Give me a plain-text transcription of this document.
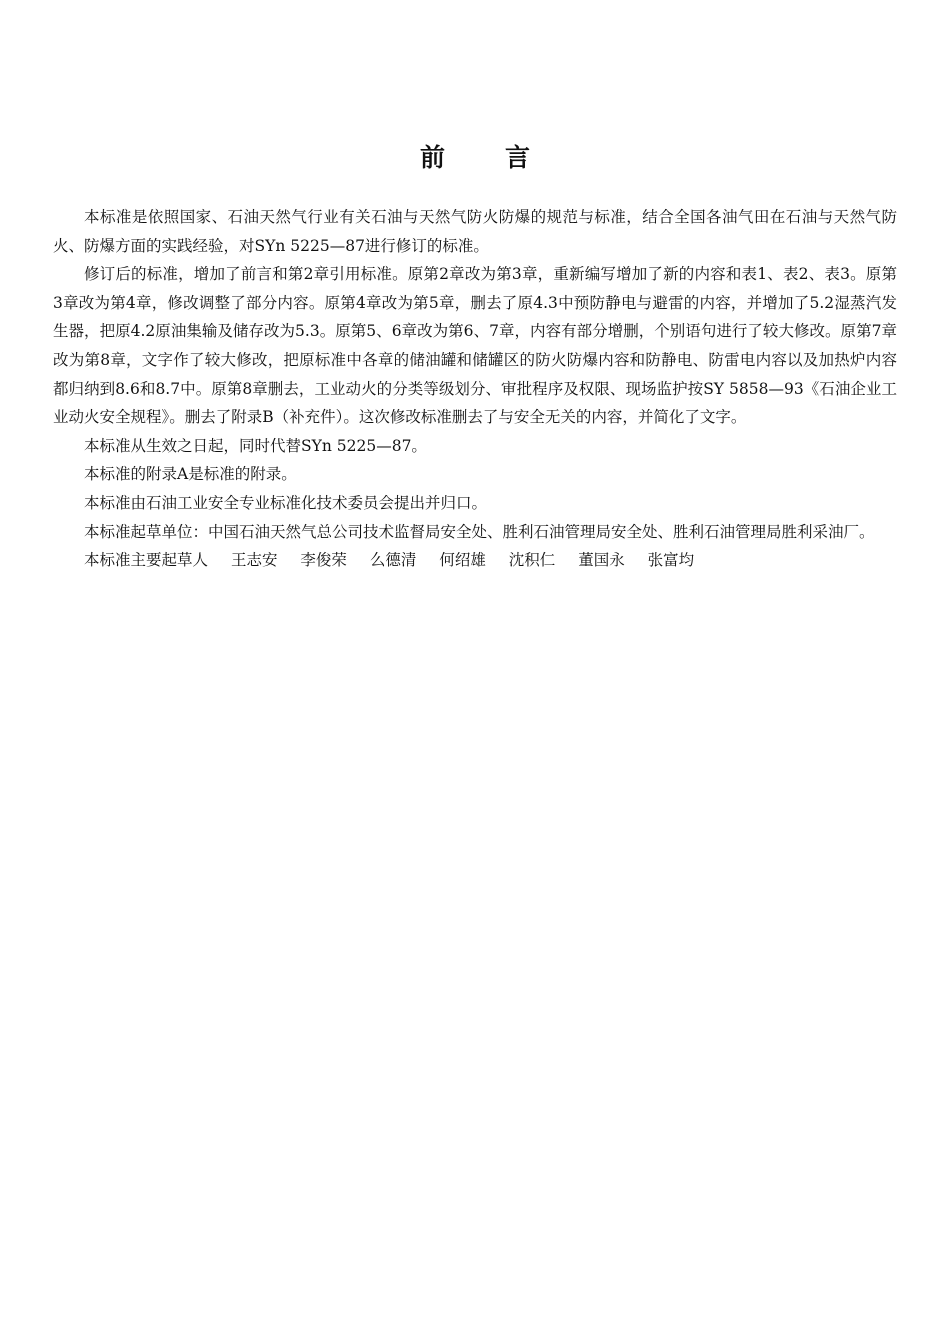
前言

本标准是依照国家、石油天然气行业有关石油与天然气防火防爆的规范与标准，结合全国各油气田在石油与天然气防火、防爆方面的实践经验，对SYn 5225—87进行修订的标准。

修订后的标准，增加了前言和第2章引用标准。原第2章改为第3章，重新编写增加了新的内容和表1、表2、表3。原第3章改为第4章，修改调整了部分内容。原第4章改为第5章，删去了原4.3中预防静电与避雷的内容，并增加了5.2湿蒸汽发生器，把原4.2原油集输及储存改为5.3。原第5、6章改为第6、7章，内容有部分增删，个别语句进行了较大修改。原第7章改为第8章，文字作了较大修改，把原标准中各章的储油罐和储罐区的防火防爆内容和防静电、防雷电内容以及加热炉内容都归纳到8.6和8.7中。原第8章删去，工业动火的分类等级划分、审批程序及权限、现场监护按SY 5858—93《石油企业工业动火安全规程》。删去了附录B（补充件）。这次修改标准删去了与安全无关的内容，并简化了文字。

本标准从生效之日起，同时代替SYn 5225—87。

本标准的附录A是标准的附录。

本标准由石油工业安全专业标准化技术委员会提出并归口。

本标准起草单位：中国石油天然气总公司技术监督局安全处、胜利石油管理局安全处、胜利石油管理局胜利采油厂。

本标准主要起草人 王志安 李俊荣 么德清 何绍雄 沈积仁 董国永 张富均
